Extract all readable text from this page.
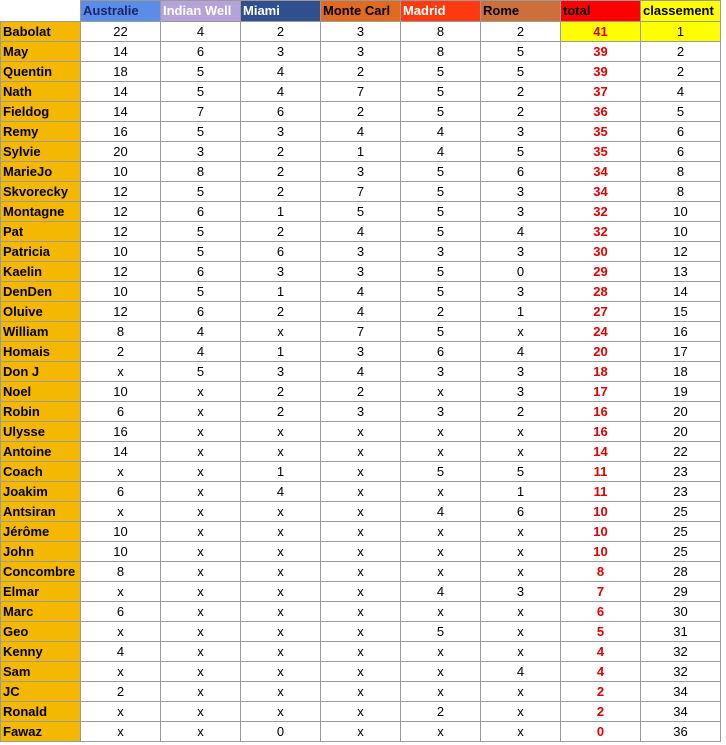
	Australie	Indian Well	Miami	Monte Carl	Madrid	Rome	total	classement
Babolat	22	4	2	3	8	2	41	1
May	14	6	3	3	8	5	39	2
Quentin	18	5	4	2	5	5	39	2
Nath	14	5	4	7	5	2	37	4
Fieldog	14	7	6	2	5	2	36	5
Remy	16	5	3	4	4	3	35	6
Sylvie	20	3	2	1	4	5	35	6
MarieJo	10	8	2	3	5	6	34	8
Skvorecky	12	5	2	7	5	3	34	8
Montagne	12	6	1	5	5	3	32	10
Pat	12	5	2	4	5	4	32	10
Patricia	10	5	6	3	3	3	30	12
Kaelin	12	6	3	3	5	0	29	13
DenDen	10	5	1	4	5	3	28	14
Oluive	12	6	2	4	2	1	27	15
William	8	4	x	7	5	x	24	16
Homais	2	4	1	3	6	4	20	17
Don J	x	5	3	4	3	3	18	18
Noel	10	x	2	2	x	3	17	19
Robin	6	x	2	3	3	2	16	20
Ulysse	16	x	x	x	x	x	16	20
Antoine	14	x	x	x	x	x	14	22
Coach	x	x	1	x	5	5	11	23
Joakim	6	x	4	x	x	1	11	23
Antsiran	x	x	x	x	4	6	10	25
Jérôme	10	x	x	x	x	x	10	25
John	10	x	x	x	x	x	10	25
Concombre	8	x	x	x	x	x	8	28
Elmar	x	x	x	x	4	3	7	29
Marc	6	x	x	x	x	x	6	30
Geo	x	x	x	x	5	x	5	31
Kenny	4	x	x	x	x	x	4	32
Sam	x	x	x	x	x	4	4	32
JC	2	x	x	x	x	x	2	34
Ronald	x	x	x	x	2	x	2	34
Fawaz	x	x	0	x	x	x	0	36
